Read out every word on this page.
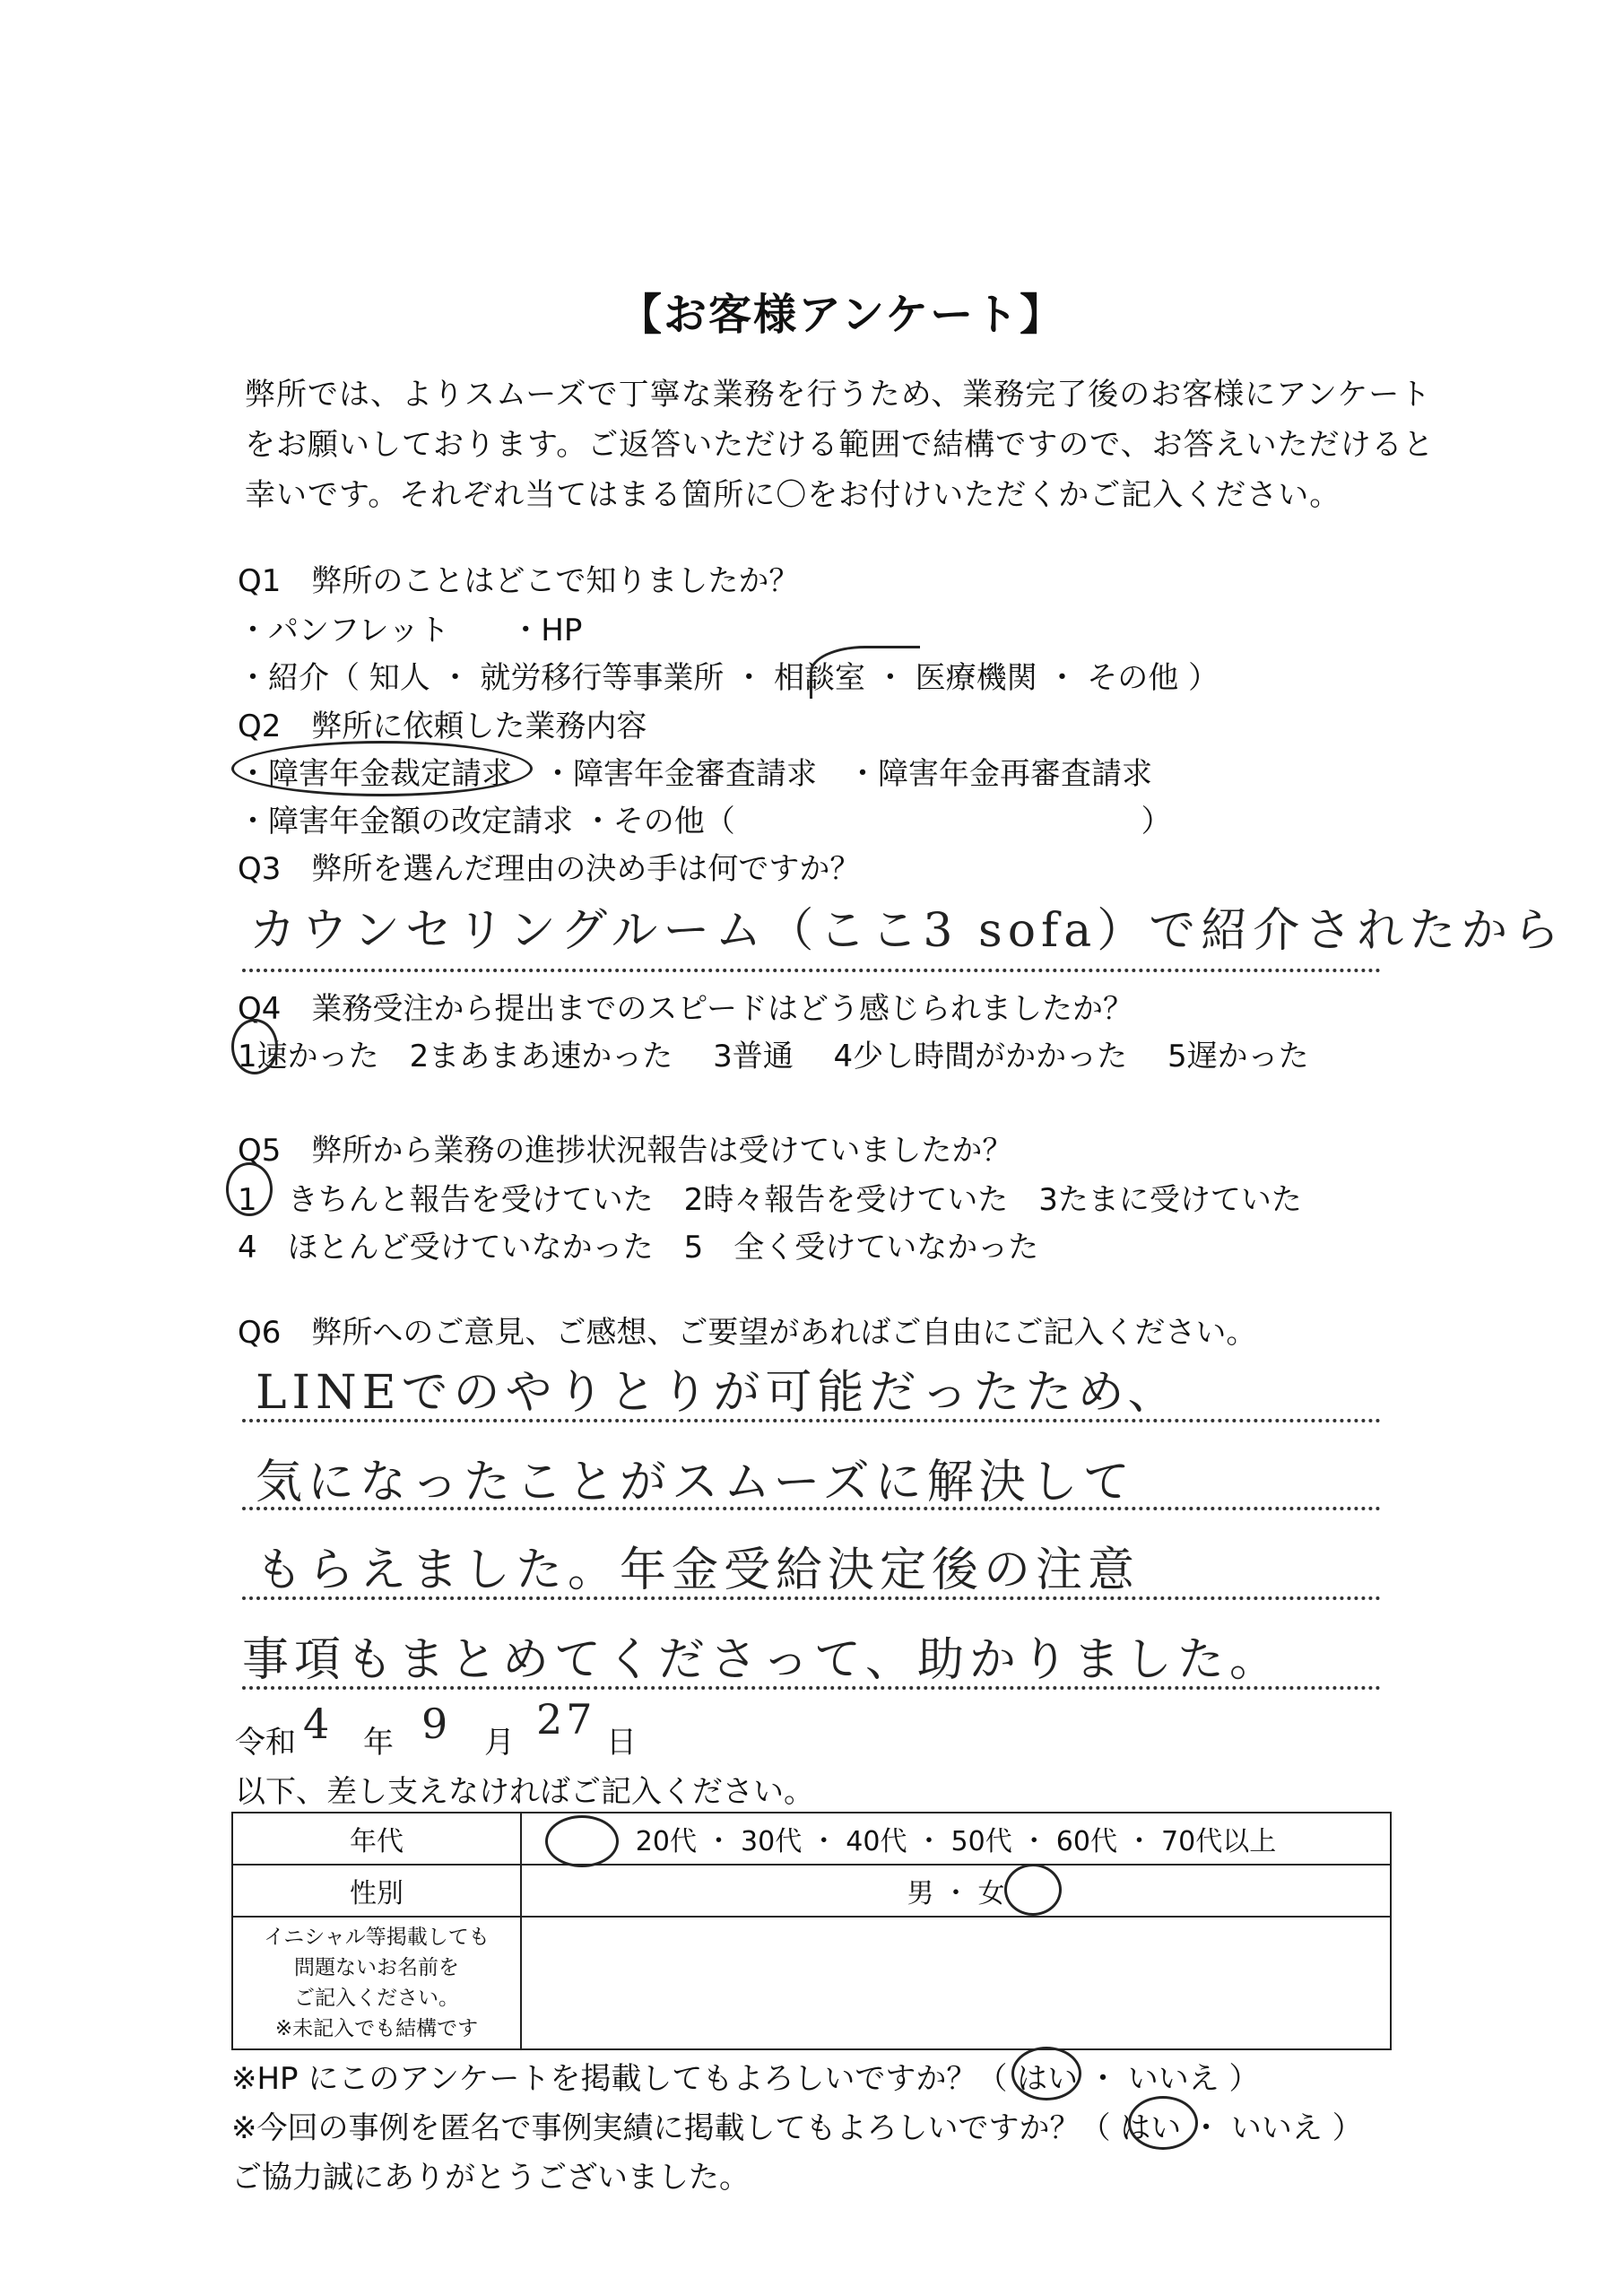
【お客様アンケート】
弊所では、よりスムーズで丁寧な業務を行うため、業務完了後のお客様にアンケート
をお願いしております。ご返答いただける範囲で結構ですので、お答えいただけると
幸いです。それぞれ当てはまる箇所に〇をお付けいただくかご記入ください。
Q1　弊所のことはどこで知りましたか？
・パンフレット　　・HP
・紹介（ 知人 ・ 就労移行等事業所 ・ 相談室 ・ 医療機関 ・ その他 ）
Q2　弊所に依頼した業務内容
・障害年金裁定請求　・障害年金審査請求　・障害年金再審査請求
・障害年金額の改定請求 ・その他（　　　　　　　　　　　　　 ）
Q3　弊所を選んだ理由の決め手は何ですか？
カウンセリングルーム（ここ3 sofa）で紹介されたから
Q4　業務受注から提出までのスピードはどう感じられましたか？
1速かった　2まあまあ速かった　 3普通　 4少し時間がかかった　 5遅かった
Q5　弊所から業務の進捗状況報告は受けていましたか？
1　きちんと報告を受けていた　2時々報告を受けていた　3たまに受けていた
4　ほとんど受けていなかった　5　全く受けていなかった
Q6　弊所へのご意見、ご感想、ご要望があればご自由にご記入ください。
LINEでのやりとりが可能だったため、
気になったことがスムーズに解決して
もらえました。年金受給決定後の注意
事項もまとめてくださって、助かりました。
令和 4 年 9 月 27 日
以下、差し支えなければご記入ください。
年代	20代 ・ 30代 ・ 40代 ・ 50代 ・ 60代 ・ 70代以上
性別	男 ・ 女

イニシャル等掲載しても
問題ないお名前を
ご記入ください。
※未記入でも結構です	

※HP にこのアンケートを掲載してもよろしいですか？（ はい ・ いいえ ）
※今回の事例を匿名で事例実績に掲載してもよろしいですか？（ はい ・ いいえ ）
ご協力誠にありがとうございました。
